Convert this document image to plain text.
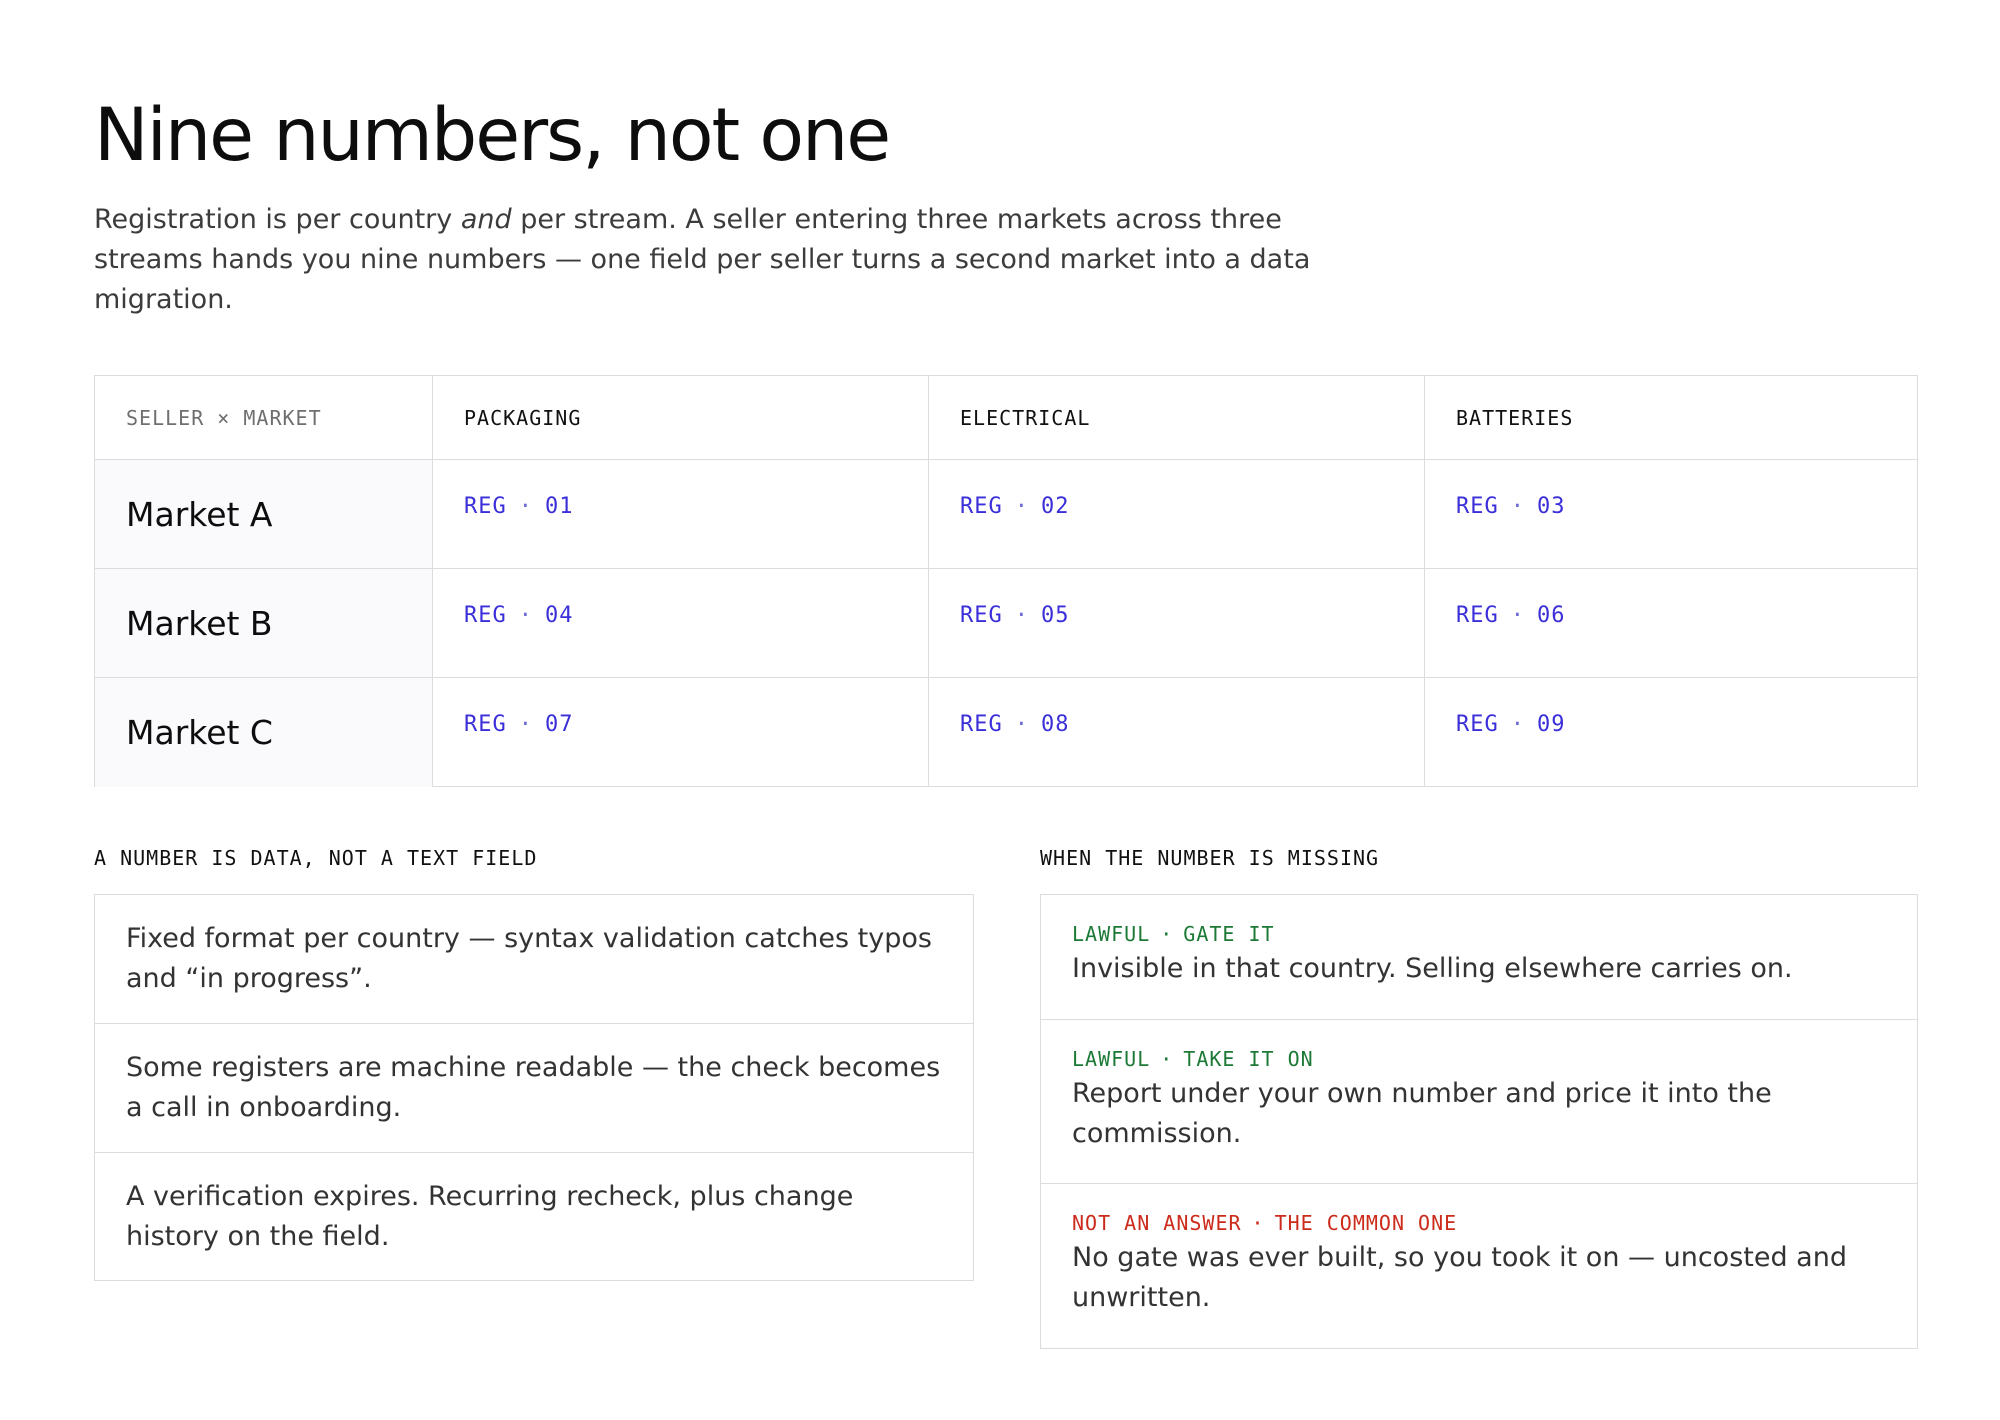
Nine numbers, not one

Registration is per country and per stream. A seller entering three markets across three streams hands you nine numbers — one field per seller turns a second market into a data migration.

SELLER × MARKET	PACKAGING	ELECTRICAL	BATTERIES
Market A	REG · 01	REG · 02	REG · 03
Market B	REG · 04	REG · 05	REG · 06
Market C	REG · 07	REG · 08	REG · 09
A NUMBER IS DATA, NOT A TEXT FIELD
Fixed format per country — syntax validation catches typos and “in progress”.
Some registers are machine readable — the check becomes a call in onboarding.
A verification expires. Recurring recheck, plus change history on the field.
WHEN THE NUMBER IS MISSING
LAWFUL · GATE IT
Invisible in that country. Selling elsewhere carries on.
LAWFUL · TAKE IT ON
Report under your own number and price it into the commission.
NOT AN ANSWER · THE COMMON ONE
No gate was ever built, so you took it on — uncosted and unwritten.
